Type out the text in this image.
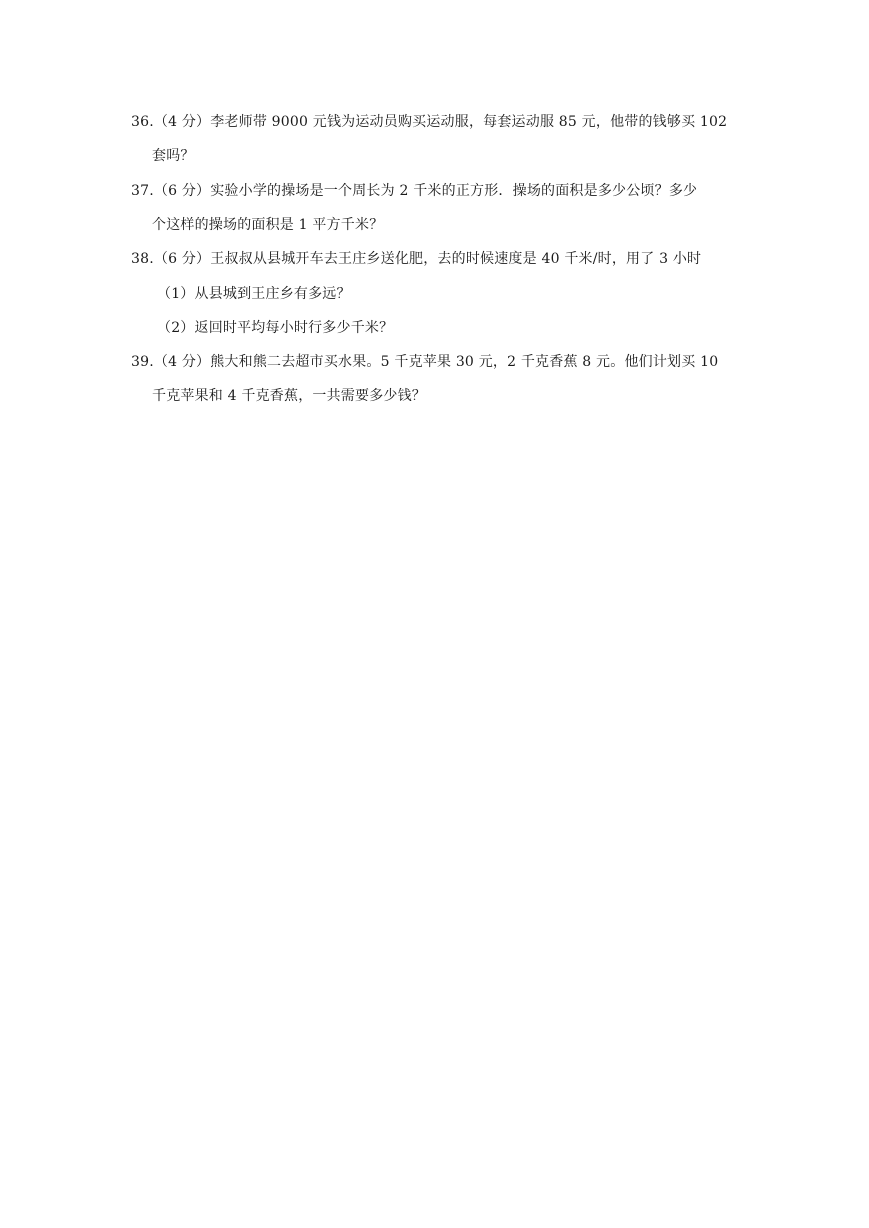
36.（4 分）李老师带 9000 元钱为运动员购买运动服，每套运动服 85 元，他带的钱够买 102
套吗？
37.（6 分）实验小学的操场是一个周长为 2 千米的正方形．操场的面积是多少公顷？多少
个这样的操场的面积是 1 平方千米？
38.（6 分）王叔叔从县城开车去王庄乡送化肥，去的时候速度是 40 千米/时，用了 3 小时
（1）从县城到王庄乡有多远？
（2）返回时平均每小时行多少千米？
39.（4 分）熊大和熊二去超市买水果。5 千克苹果 30 元，2 千克香蕉 8 元。他们计划买 10
千克苹果和 4 千克香蕉，一共需要多少钱？
